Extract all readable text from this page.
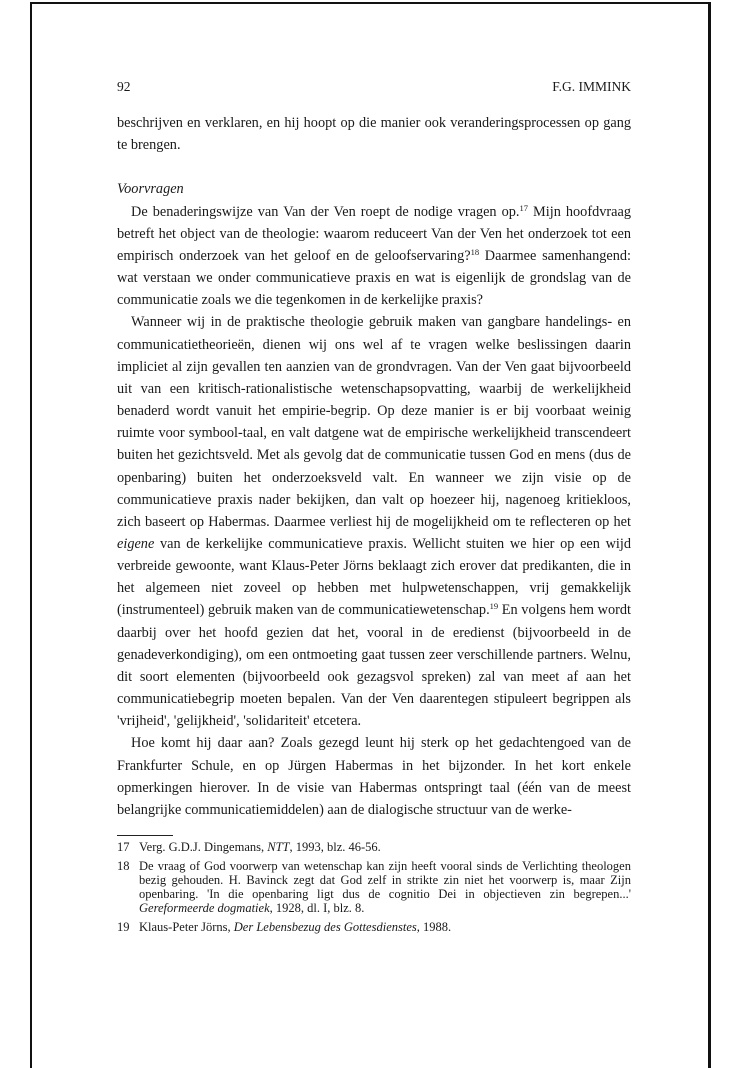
92	F.G. IMMINK

beschrijven en verklaren, en hij hoopt op die manier ook veranderingsprocessen op gang te brengen.

Voorvragen

De benaderingswijze van Van der Ven roept de nodige vragen op.$^{17}$ Mijn hoofdvraag betreft het object van de theologie: waarom reduceert Van der Ven het onderzoek tot een empirisch onderzoek van het geloof en de geloofservaring?$^{18}$ Daarmee samenhangend: wat verstaan we onder communicatieve praxis en wat is eigenlijk de grondslag van de communicatie zoals we die tegenkomen in de kerkelijke praxis?

Wanneer wij in de praktische theologie gebruik maken van gangbare handelings- en communicatietheorieën, dienen wij ons wel af te vragen welke beslissingen daarin impliciet al zijn gevallen ten aanzien van de grondvragen. Van der Ven gaat bijvoorbeeld uit van een kritisch-rationalistische wetenschapsopvatting, waarbij de werkelijkheid benaderd wordt vanuit het empirie-begrip. Op deze manier is er bij voorbaat weinig ruimte voor symbool-taal, en valt datgene wat de empirische werkelijkheid transcendeert buiten het gezichtsveld. Met als gevolg dat de communicatie tussen God en mens (dus de openbaring) buiten het onderzoeksveld valt. En wanneer we zijn visie op de communicatieve praxis nader bekijken, dan valt op hoezeer hij, nagenoeg kritiekloos, zich baseert op Habermas. Daarmee verliest hij de mogelijkheid om te reflecteren op het eigene van de kerkelijke communicatieve praxis. Wellicht stuiten we hier op een wijd verbreide gewoonte, want Klaus-Peter Jörns beklaagt zich erover dat predikanten, die in het algemeen niet zoveel op hebben met hulpwetenschappen, vrij gemakkelijk (instrumenteel) gebruik maken van de communicatiewetenschap.$^{19}$ En volgens hem wordt daarbij over het hoofd gezien dat het, vooral in de eredienst (bijvoorbeeld in de genadeverkondiging), om een ontmoeting gaat tussen zeer verschillende partners. Welnu, dit soort elementen (bijvoorbeeld ook gezagsvol spreken) zal van meet af aan het communicatiebegrip moeten bepalen. Van der Ven daarentegen stipuleert begrippen als 'vrijheid', 'gelijkheid', 'solidariteit' etcetera.

Hoe komt hij daar aan? Zoals gezegd leunt hij sterk op het gedachtengoed van de Frankfurter Schule, en op Jürgen Habermas in het bijzonder. In het kort enkele opmerkingen hierover. In de visie van Habermas ontspringt taal (één van de meest belangrijke communicatiemiddelen) aan de dialogische structuur van de werke-

17 Verg. G.D.J. Dingemans, NTT, 1993, blz. 46-56.
18 De vraag of God voorwerp van wetenschap kan zijn heeft vooral sinds de Verlichting theologen bezig gehouden. H. Bavinck zegt dat God zelf in strikte zin niet het voorwerp is, maar Zijn openbaring. 'In die openbaring ligt dus de cognitio Dei in objectieven zin begrepen...' Gereformeerde dogmatiek, 1928, dl. I, blz. 8.
19 Klaus-Peter Jörns, Der Lebensbezug des Gottesdienstes, 1988.
